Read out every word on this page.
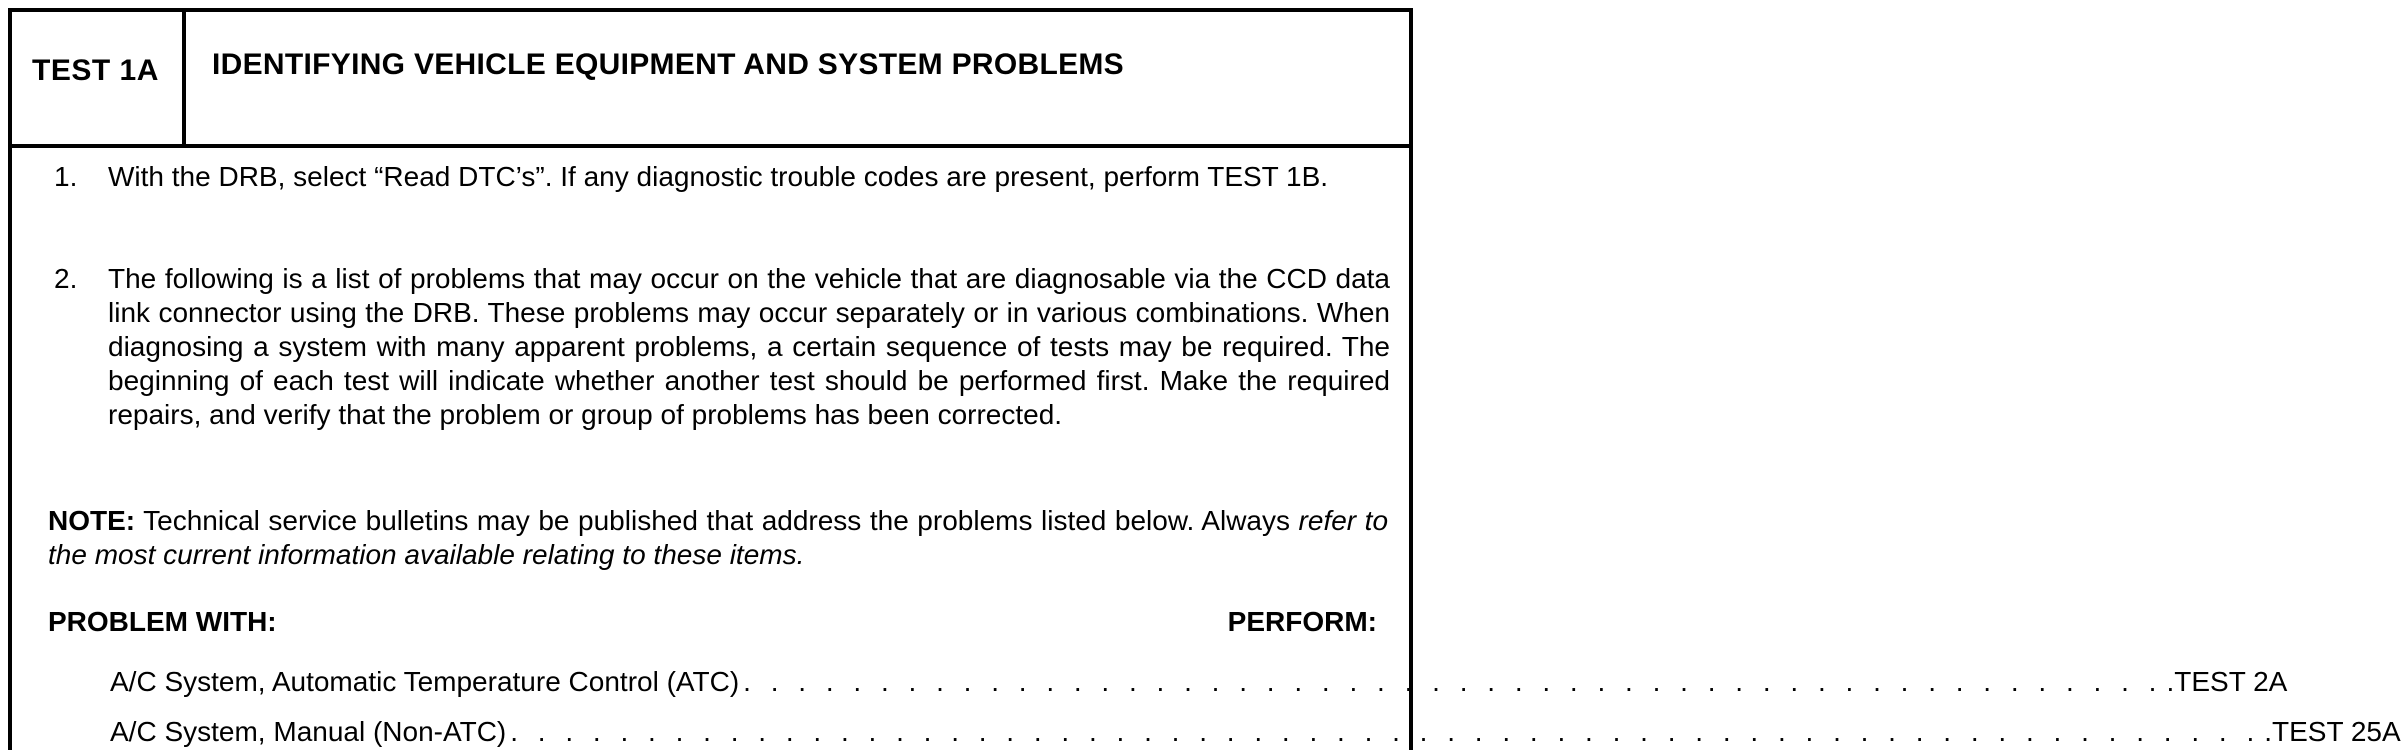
TEST 1A IDENTIFYING VEHICLE EQUIPMENT AND SYSTEM PROBLEMS
1. With the DRB, select “Read DTC’s”. If any diagnostic trouble codes are present, perform TEST 1B.
2. The following is a list of problems that may occur on the vehicle that are diagnosable via the CCD data link connector using the DRB. These problems may occur separately or in various combinations. When diagnosing a system with many apparent problems, a certain sequence of tests may be required. The beginning of each test will indicate whether another test should be performed first. Make the required repairs, and verify that the problem or group of problems has been corrected.
NOTE: Technical service bulletins may be published that address the problems listed below. Always refer to the most current information available relating to these items.
PROBLEM WITH:	PERFORM:
A/C System, Automatic Temperature Control (ATC) . . . . . . . . . . . . . . . . . . . . . . . . . . . . . . . . . . . . . . . . . . . . . . . . . . . . .TEST 2A
A/C System, Manual (Non-ATC) . . . . . . . . . . . . . . . . . . . . . . . . . . . . . . . . . . . . . . . . . . . . . . . . . . . . . . . . . . . . . . . . .TEST 25A
